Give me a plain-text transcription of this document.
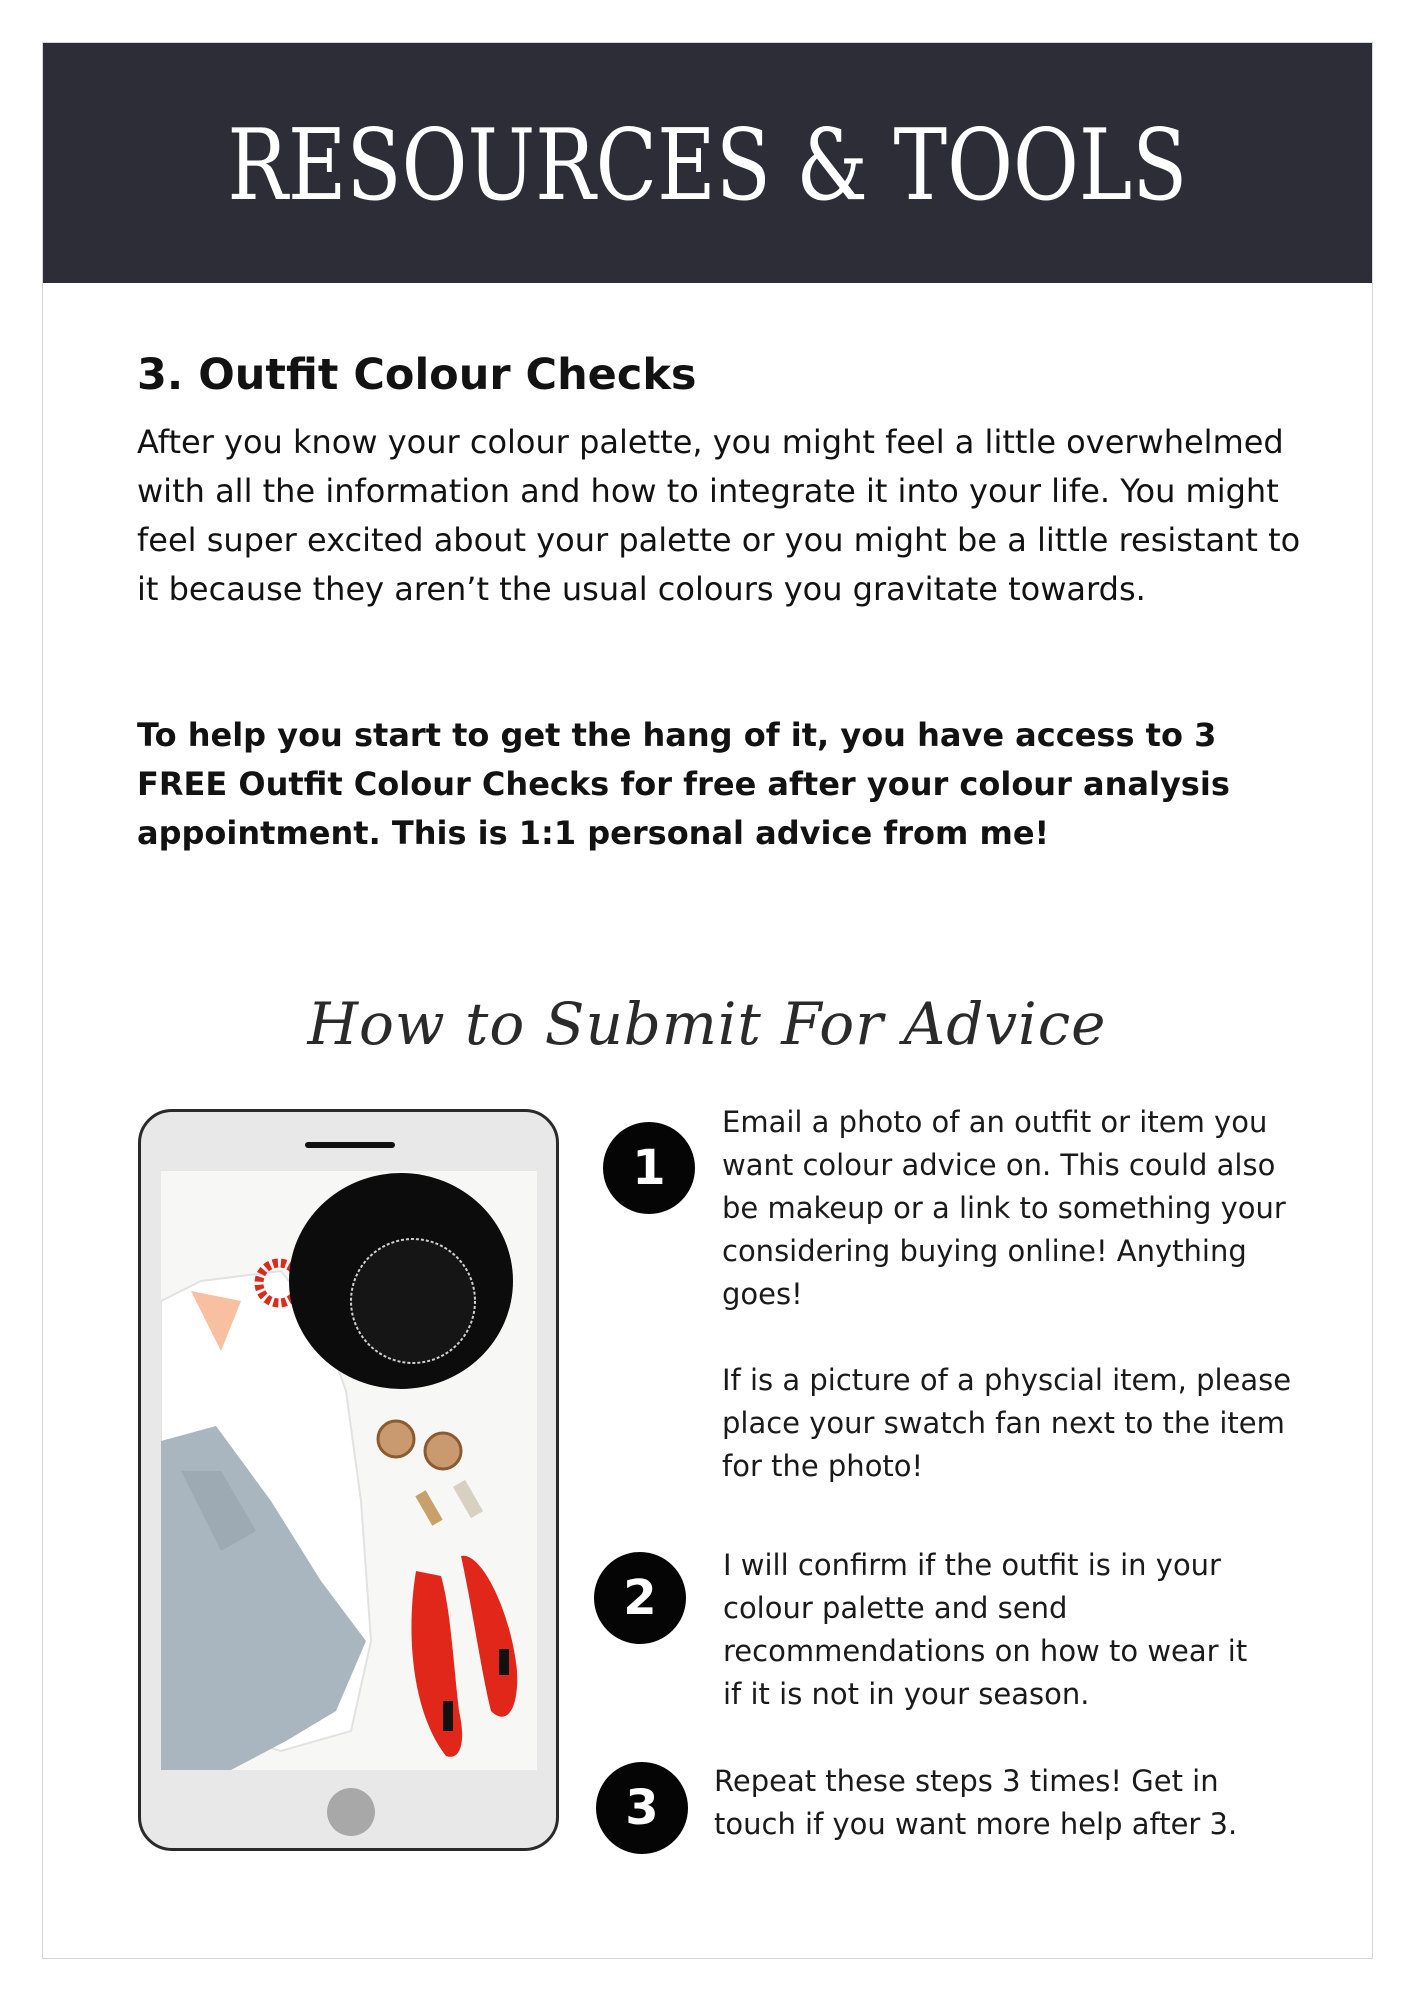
RESOURCES & TOOLS
3. Outfit Colour Checks

After you know your colour palette, you might feel a little overwhelmed with all the information and how to integrate it into your life. You might feel super excited about your palette or you might be a little resistant to it because they aren’t the usual colours you gravitate towards.

To help you start to get the hang of it, you have access to 3 FREE Outfit Colour Checks for free after your colour analysis appointment. This is 1:1 personal advice from me!

How to Submit For Advice
1

Email a photo of an outfit or item you want colour advice on. This could also be makeup or a link to something your considering buying online! Anything goes!

If is a picture of a physcial item, please place your swatch fan next to the item for the photo!

2
I will confirm if the outfit is in your colour palette and send recommendations on how to wear it if it is not in your season.
3	Repeat these steps 3 times! Get in touch if you want more help after 3.
